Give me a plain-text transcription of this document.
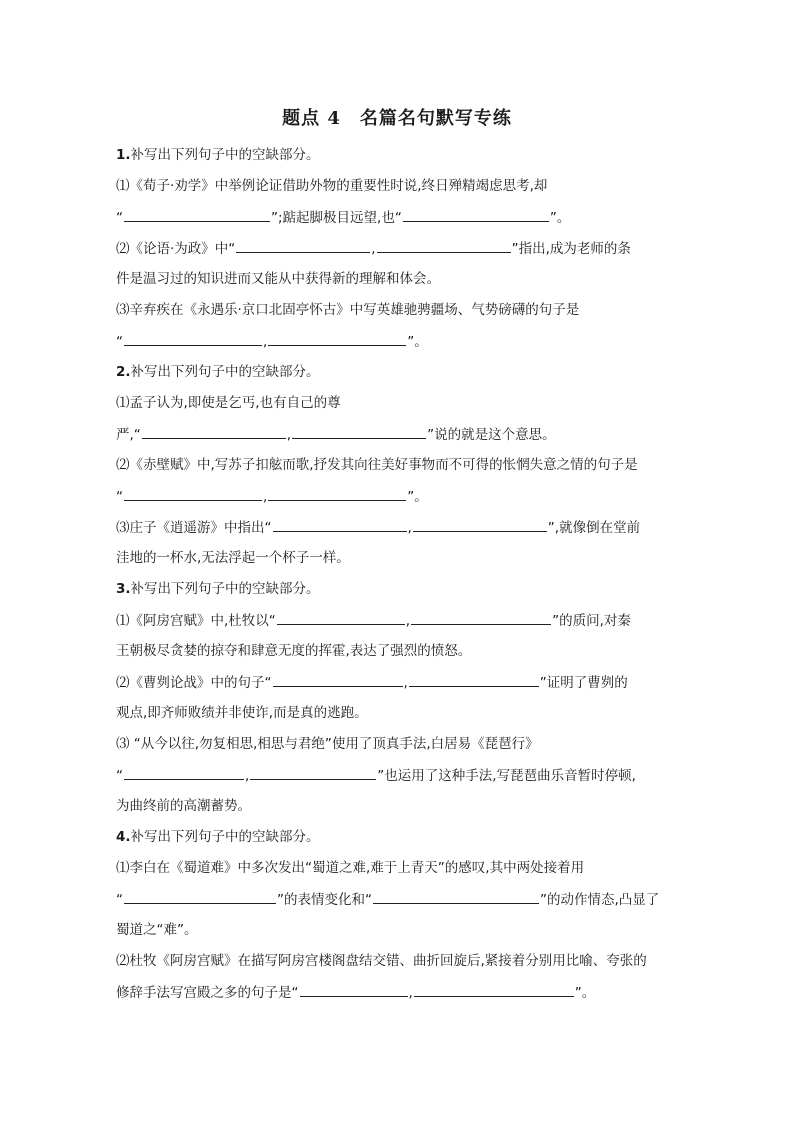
题点 4　名篇名句默写专练
1.补写出下列句子中的空缺部分。
⑴《荀子·劝学》中举例论证借助外物的重要性时说,终日殚精竭虑思考,却
“	”;踮起脚极目远望,也“	”。
⑵《论语·为政》中“	,	”指出,成为老师的条
件是温习过的知识进而又能从中获得新的理解和体会。
⑶辛弃疾在《永遇乐·京口北固亭怀古》中写英雄驰骋疆场、气势磅礴的句子是
“	,	”。
2.补写出下列句子中的空缺部分。
⑴孟子认为,即使是乞丐,也有自己的尊
严,“	,	”说的就是这个意思。
⑵《赤壁赋》中,写苏子扣舷而歌,抒发其向往美好事物而不可得的怅惘失意之情的句子是
“	,	”。
⑶庄子《逍遥游》中指出“	,	”,就像倒在堂前
洼地的一杯水,无法浮起一个杯子一样。
3.补写出下列句子中的空缺部分。
⑴《阿房宫赋》中,杜牧以“	,	”的质问,对秦
王朝极尽贪婪的掠夺和肆意无度的挥霍,表达了强烈的愤怒。
⑵《曹刿论战》中的句子“	,	”证明了曹刿的
观点,即齐师败绩并非使诈,而是真的逃跑。
⑶ “从今以往,勿复相思,相思与君绝”使用了顶真手法,白居易《琵琶行》
“	,	”也运用了这种手法,写琵琶曲乐音暂时停顿,
为曲终前的高潮蓄势。
4.补写出下列句子中的空缺部分。
⑴李白在《蜀道难》中多次发出“蜀道之难,难于上青天”的感叹,其中两处接着用
“	”的表情变化和“	”的动作情态,凸显了
蜀道之“难”。
⑵杜牧《阿房宫赋》在描写阿房宫楼阁盘结交错、曲折回旋后,紧接着分别用比喻、夸张的
修辞手法写宫殿之多的句子是“	,	”。
